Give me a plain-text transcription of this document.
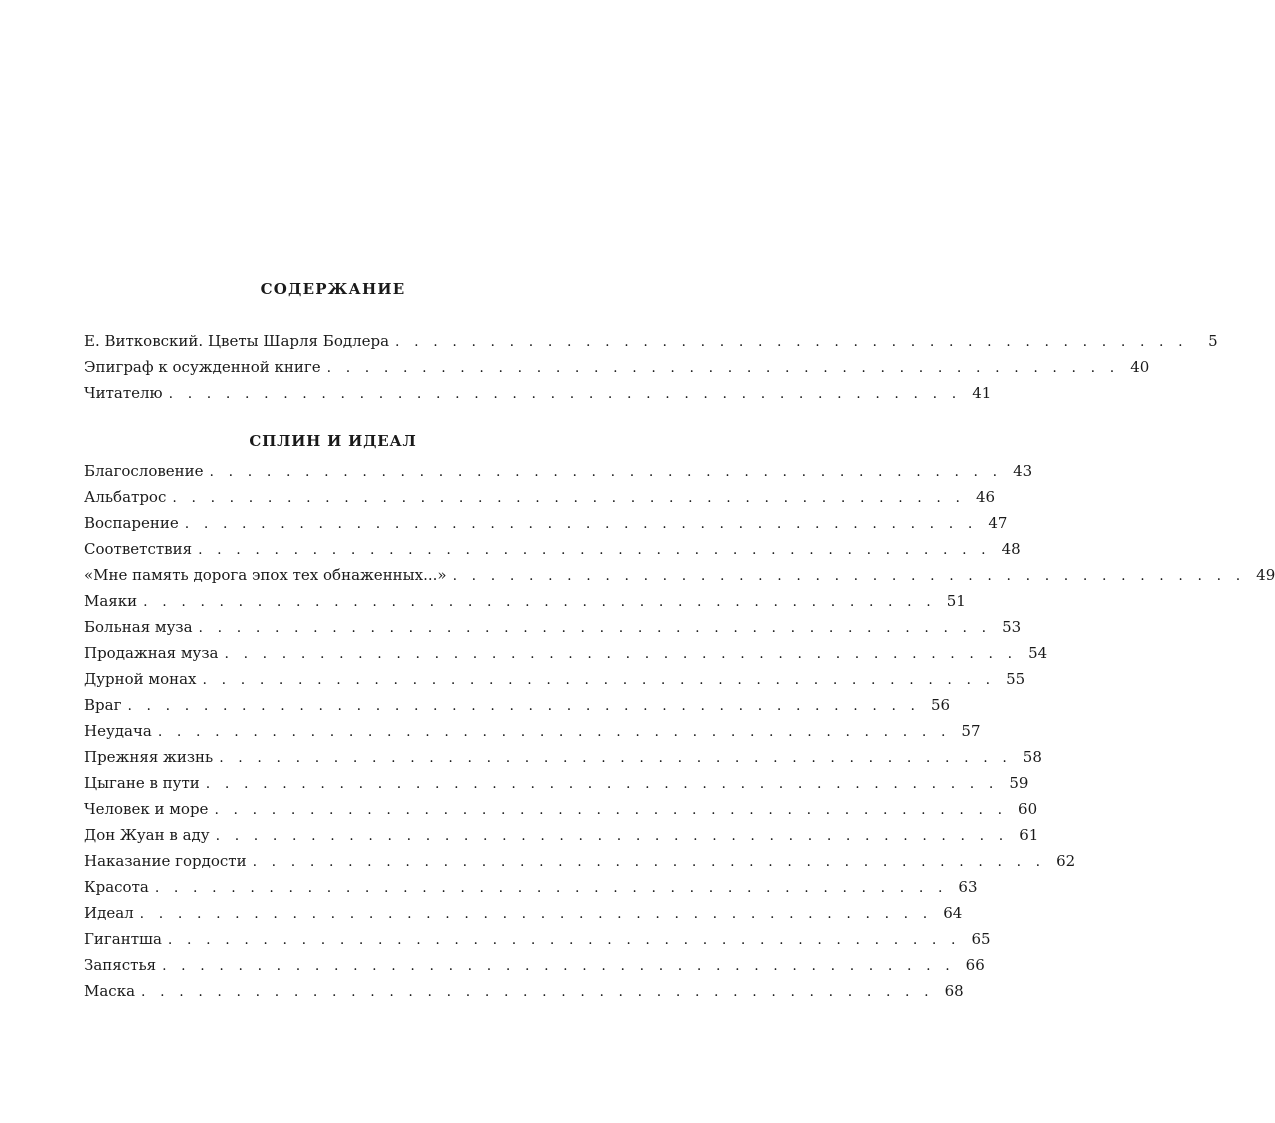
СОДЕРЖАНИЕ
Е. Витковский. Цветы Шарля Бодлера . . . . . . . . . . . . . . . . . . . . . . . . . . . . . . . . . . . . . . . . . .	5
Эпиграф к осужденной книге . . . . . . . . . . . . . . . . . . . . . . . . . . . . . . . . . . . . . . . . . . 40
Читателю . . . . . . . . . . . . . . . . . . . . . . . . . . . . . . . . . . . . . . . . . . 41
СПЛИН И ИДЕАЛ
Благословение . . . . . . . . . . . . . . . . . . . . . . . . . . . . . . . . . . . . . . . . . . 43
Альбатрос . . . . . . . . . . . . . . . . . . . . . . . . . . . . . . . . . . . . . . . . . . 46
Воспарение . . . . . . . . . . . . . . . . . . . . . . . . . . . . . . . . . . . . . . . . . . 47
Соответствия . . . . . . . . . . . . . . . . . . . . . . . . . . . . . . . . . . . . . . . . . . 48
«Мне память дорога эпох тех обнаженных...» . . . . . . . . . . . . . . . . . . . . . . . . . . . . . . . . . . . . . . . . . . 49
Маяки . . . . . . . . . . . . . . . . . . . . . . . . . . . . . . . . . . . . . . . . . . 51
Больная муза . . . . . . . . . . . . . . . . . . . . . . . . . . . . . . . . . . . . . . . . . . 53
Продажная муза . . . . . . . . . . . . . . . . . . . . . . . . . . . . . . . . . . . . . . . . . . 54
Дурной монах . . . . . . . . . . . . . . . . . . . . . . . . . . . . . . . . . . . . . . . . . . 55
Враг . . . . . . . . . . . . . . . . . . . . . . . . . . . . . . . . . . . . . . . . . . 56
Неудача . . . . . . . . . . . . . . . . . . . . . . . . . . . . . . . . . . . . . . . . . . 57
Прежняя жизнь . . . . . . . . . . . . . . . . . . . . . . . . . . . . . . . . . . . . . . . . . . 58
Цыгане в пути . . . . . . . . . . . . . . . . . . . . . . . . . . . . . . . . . . . . . . . . . . 59
Человек и море . . . . . . . . . . . . . . . . . . . . . . . . . . . . . . . . . . . . . . . . . . 60
Дон Жуан в аду . . . . . . . . . . . . . . . . . . . . . . . . . . . . . . . . . . . . . . . . . . 61
Наказание гордости . . . . . . . . . . . . . . . . . . . . . . . . . . . . . . . . . . . . . . . . . . 62
Красота . . . . . . . . . . . . . . . . . . . . . . . . . . . . . . . . . . . . . . . . . . 63
Идеал . . . . . . . . . . . . . . . . . . . . . . . . . . . . . . . . . . . . . . . . . . 64
Гигантша . . . . . . . . . . . . . . . . . . . . . . . . . . . . . . . . . . . . . . . . . . 65
Запястья . . . . . . . . . . . . . . . . . . . . . . . . . . . . . . . . . . . . . . . . . . 66
Маска . . . . . . . . . . . . . . . . . . . . . . . . . . . . . . . . . . . . . . . . . . 68
